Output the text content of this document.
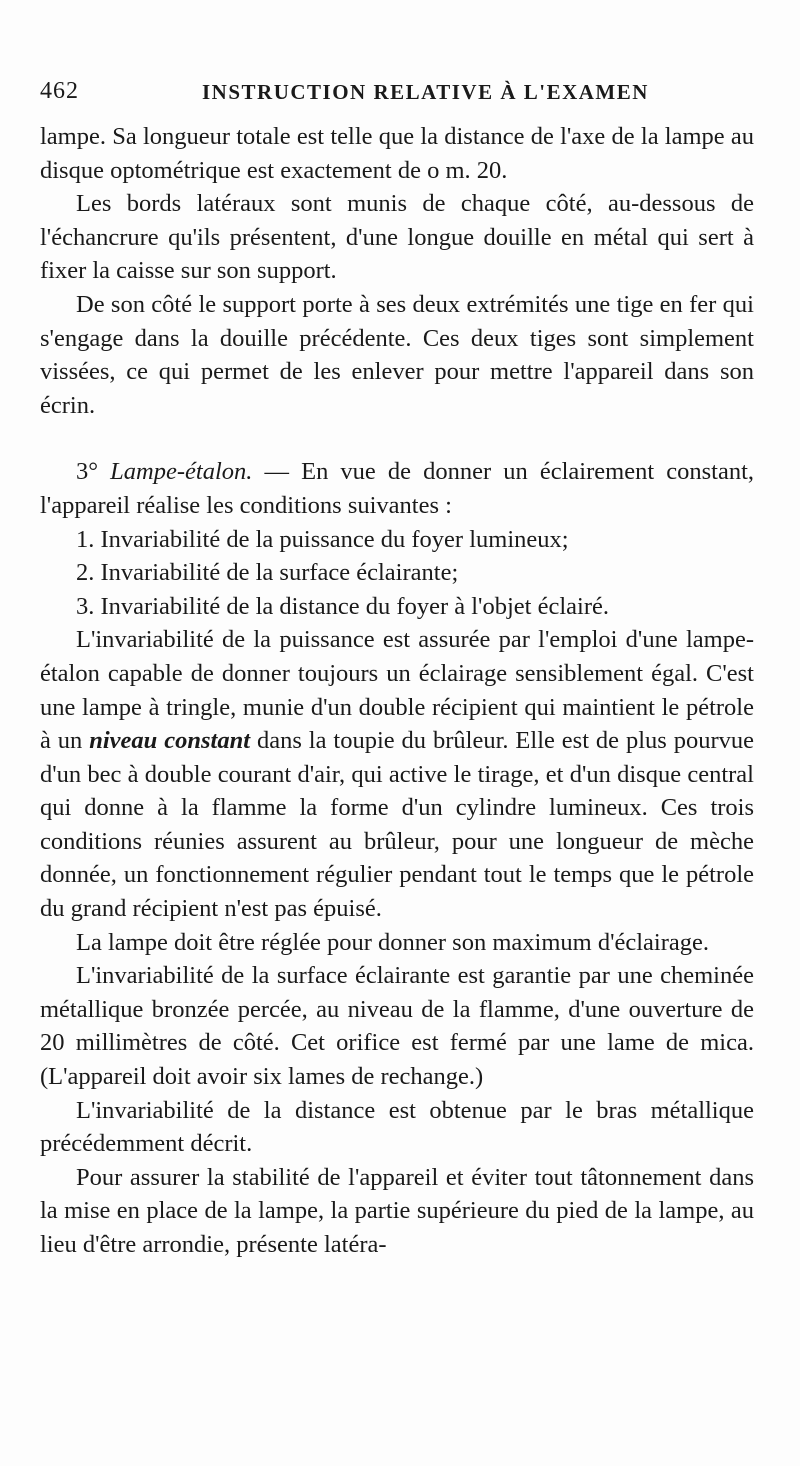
462	INSTRUCTION RELATIVE À L'EXAMEN

lampe. Sa longueur totale est telle que la distance de l'axe de la lampe au disque optométrique est exactement de o m. 20.

Les bords latéraux sont munis de chaque côté, au-dessous de l'échancrure qu'ils présentent, d'une longue douille en métal qui sert à fixer la caisse sur son support.

De son côté le support porte à ses deux extrémités une tige en fer qui s'engage dans la douille précédente. Ces deux tiges sont simplement vissées, ce qui permet de les enlever pour mettre l'appareil dans son écrin.

3° Lampe-étalon. — En vue de donner un éclairement constant, l'appareil réalise les conditions suivantes :

1. Invariabilité de la puissance du foyer lumineux;

2. Invariabilité de la surface éclairante;

3. Invariabilité de la distance du foyer à l'objet éclairé.

L'invariabilité de la puissance est assurée par l'emploi d'une lampe-étalon capable de donner toujours un éclairage sensiblement égal. C'est une lampe à tringle, munie d'un double récipient qui maintient le pétrole à un niveau constant dans la toupie du brûleur. Elle est de plus pourvue d'un bec à double courant d'air, qui active le tirage, et d'un disque central qui donne à la flamme la forme d'un cylindre lumineux. Ces trois conditions réunies assurent au brûleur, pour une longueur de mèche donnée, un fonctionnement régulier pendant tout le temps que le pétrole du grand récipient n'est pas épuisé.

La lampe doit être réglée pour donner son maximum d'éclairage.

L'invariabilité de la surface éclairante est garantie par une cheminée métallique bronzée percée, au niveau de la flamme, d'une ouverture de 20 millimètres de côté. Cet orifice est fermé par une lame de mica. (L'appareil doit avoir six lames de rechange.)

L'invariabilité de la distance est obtenue par le bras métallique précédemment décrit.

Pour assurer la stabilité de l'appareil et éviter tout tâtonnement dans la mise en place de la lampe, la partie supérieure du pied de la lampe, au lieu d'être arrondie, présente latéra-
